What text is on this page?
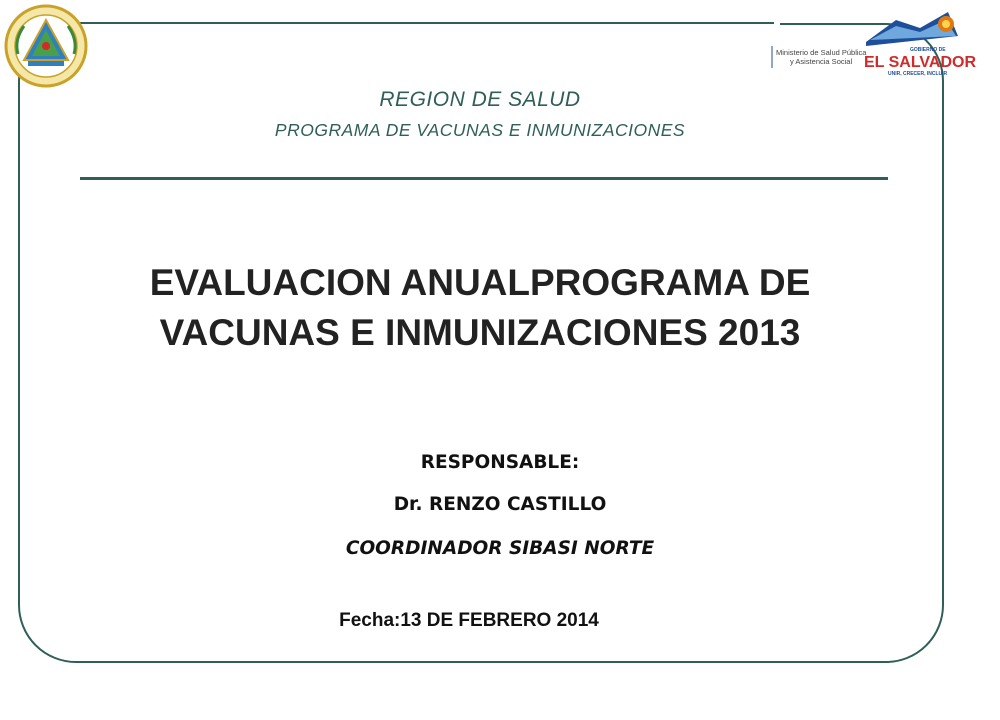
Ministerio de Salud Pública
y Asistencia Social
GOBIERNO DE
EL SALVADOR
UNIR, CRECER, INCLUIR
REGION DE SALUD
PROGRAMA DE VACUNAS E INMUNIZACIONES
EVALUACION ANUALPROGRAMA DE
VACUNAS E INMUNIZACIONES 2013
RESPONSABLE:
Dr. RENZO CASTILLO
COORDINADOR SIBASI NORTE
Fecha:13 DE FEBRERO 2014
